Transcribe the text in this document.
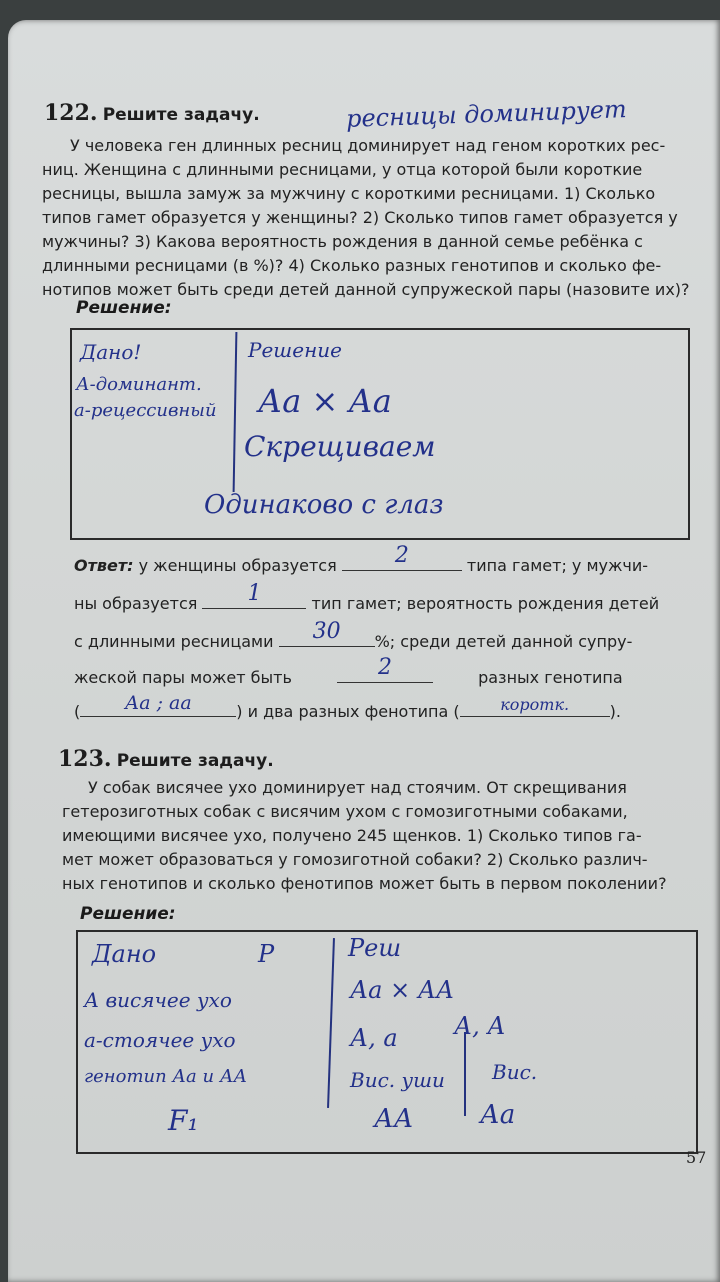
122. Решите задачу.	ресницы доминирует
У человека ген длинных ресниц доминирует над геном коротких рес-
ниц. Женщина с длинными ресницами, у отца которой были короткие
ресницы, вышла замуж за мужчину с короткими ресницами. 1) Сколько
типов гамет образуется у женщины? 2) Сколько типов гамет образуется у
мужчины? 3) Какова вероятность рождения в данной семье ребёнка с
длинными ресницами (в %)? 4) Сколько разных генотипов и сколько фе-
нотипов может быть среди детей данной супружеской пары (назовите их)?
Решение:
Дано!
А-доминант.
а-рецессивный
Решение
Аа × Аа
Скрещиваем
Одинаково с глаз
Ответ: у женщины образуется	2	типа гамет; у мужчи-
ны образуется	1	тип гамет; вероятность рождения детей
с длинными ресницами	30	%; среди детей данной супру-
жеской пары может быть	2	разных генотипа
(	Аа ; аа	) и два разных фенотипа (	коротк.	).
123. Решите задачу.
У собак висячее ухо доминирует над стоячим. От скрещивания
гетерозиготных собак с висячим ухом с гомозиготными собаками,
имеющими висячее ухо, получено 245 щенков. 1) Сколько типов га-
мет может образоваться у гомозиготной собаки? 2) Сколько различ-
ных генотипов и сколько фенотипов может быть в первом поколении?
Решение:
Дано	P
А висячее ухо
а-стоячее ухо
генотип Аа и АА
F₁
Реш
Аа × АА
А, а А, А
Вис. уши Вис.
АА	Аа
57
